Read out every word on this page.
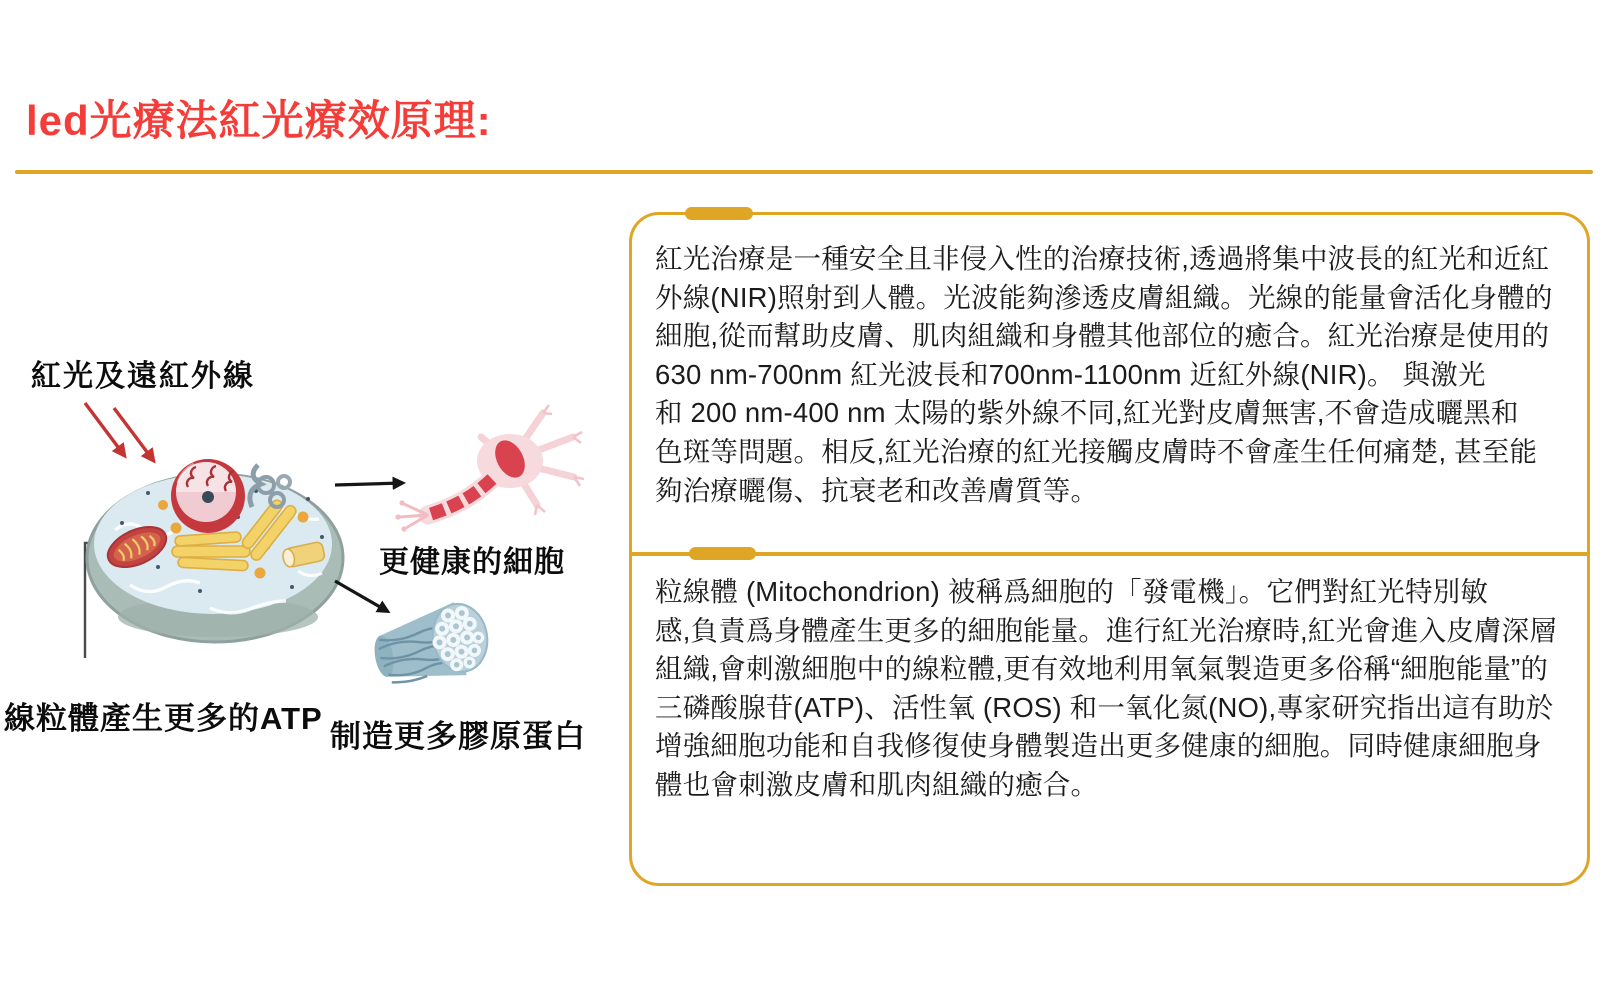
led光療法紅光療效原理:
紅光及遠紅外線
更健康的細胞
線粒體產生更多的ATP
制造更多膠原蛋白
紅光治療是一種安全且非侵入性的治療技術,透過將集中波長的紅光和近紅
外線(NIR)照射到人體。光波能夠滲透皮膚組織。光線的能量會活化身體的
細胞,從而幫助皮膚、肌肉組織和身體其他部位的癒合。紅光治療是使用的
630 nm-700nm 紅光波長和700nm-1100nm 近紅外線(NIR)。 與激光
和 200 nm-400 nm 太陽的紫外線不同,紅光對皮膚無害,不會造成曬黑和
色斑等問題。相反,紅光治療的紅光接觸皮膚時不會產生任何痛楚, 甚至能
夠治療曬傷、抗衰老和改善膚質等。
粒線體 (Mitochondrion) 被稱爲細胞的「發電機」。它們對紅光特別敏
感,負責爲身體產生更多的細胞能量。進行紅光治療時,紅光會進入皮膚深層
組織,會刺激細胞中的線粒體,更有效地利用氧氣製造更多俗稱“細胞能量”的
三磷酸腺苷(ATP)、活性氧 (ROS) 和一氧化氮(NO),專家研究指出這有助於
增強細胞功能和自我修復使身體製造出更多健康的細胞。同時健康細胞身
體也會刺激皮膚和肌肉組織的癒合。
